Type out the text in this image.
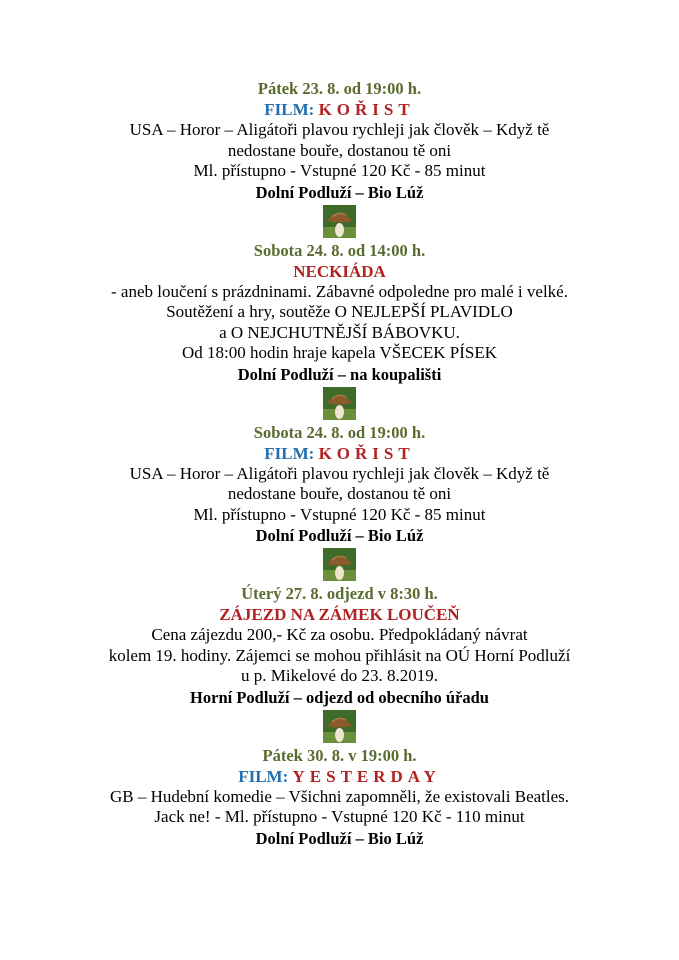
Pátek 23. 8. od 19:00 h.
FILM: KOŘIST
USA – Horor – Aligátoři plavou rychleji jak člověk – Když tě
nedostane bouře, dostanou tě oni
Ml. přístupno - Vstupné 120 Kč - 85 minut
Dolní Podluží – Bio Lúž
Sobota 24. 8. od 14:00 h.
NECKIÁDA
- aneb loučení s prázdninami. Zábavné odpoledne pro malé i velké.
Soutěžení a hry, soutěže O NEJLEPŠÍ PLAVIDLO
a O NEJCHUTNĚJŠÍ BÁBOVKU.
Od 18:00 hodin hraje kapela VŠECEK PÍSEK
Dolní Podluží – na koupališti
Sobota 24. 8. od 19:00 h.
FILM: KOŘIST
USA – Horor – Aligátoři plavou rychleji jak člověk – Když tě
nedostane bouře, dostanou tě oni
Ml. přístupno - Vstupné 120 Kč - 85 minut
Dolní Podluží – Bio Lúž
Úterý 27. 8. odjezd v 8:30 h.
ZÁJEZD NA ZÁMEK LOUČEŇ
Cena zájezdu 200,- Kč za osobu. Předpokládaný návrat
kolem 19. hodiny. Zájemci se mohou přihlásit na OÚ Horní Podluží
u p. Mikelové do 23. 8.2019.
Horní Podluží – odjezd od obecního úřadu
Pátek 30. 8. v 19:00 h.
FILM: YESTERDAY
GB – Hudební komedie – Všichni zapomněli, že existovali Beatles.
Jack ne! - Ml. přístupno - Vstupné 120 Kč - 110 minut
Dolní Podluží – Bio Lúž
